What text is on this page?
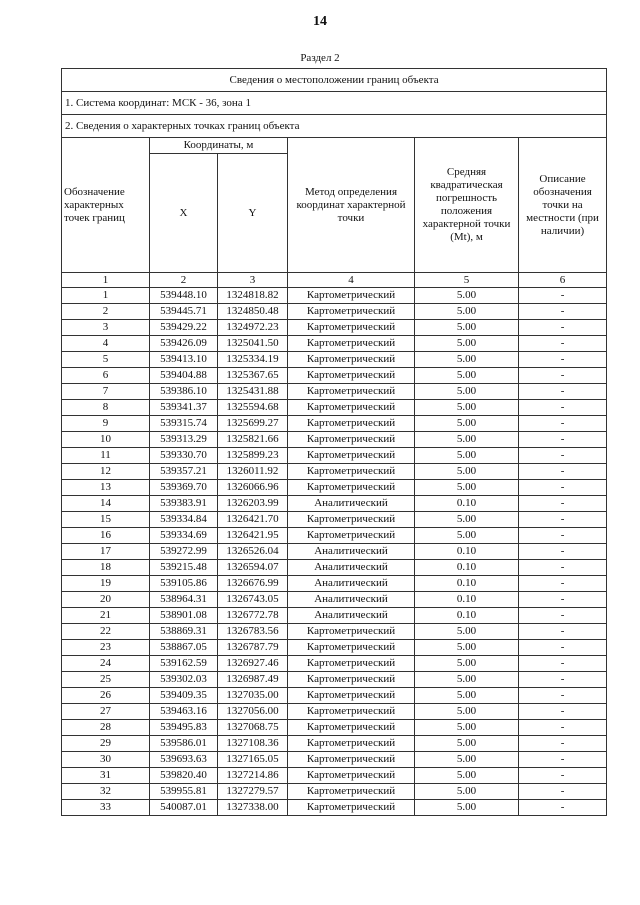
14
Раздел 2
Сведения о местоположении границ объекта					
1. Система координат: МСК - 36, зона 1					
2. Сведения о характерных точках границ объекта					
Обозначение характерных точек границ	Координаты, м		Метод определения координат характерной точки	Средняя квадратическая погрешность положения характерной точки (Mt), м	Описание обозначения точки на местности (при наличии)
	X	Y			
1	2	3	4	5	6
1	539448.10	1324818.82	Картометрический	5.00	-
2	539445.71	1324850.48	Картометрический	5.00	-
3	539429.22	1324972.23	Картометрический	5.00	-
4	539426.09	1325041.50	Картометрический	5.00	-
5	539413.10	1325334.19	Картометрический	5.00	-
6	539404.88	1325367.65	Картометрический	5.00	-
7	539386.10	1325431.88	Картометрический	5.00	-
8	539341.37	1325594.68	Картометрический	5.00	-
9	539315.74	1325699.27	Картометрический	5.00	-
10	539313.29	1325821.66	Картометрический	5.00	-
11	539330.70	1325899.23	Картометрический	5.00	-
12	539357.21	1326011.92	Картометрический	5.00	-
13	539369.70	1326066.96	Картометрический	5.00	-
14	539383.91	1326203.99	Аналитический	0.10	-
15	539334.84	1326421.70	Картометрический	5.00	-
16	539334.69	1326421.95	Картометрический	5.00	-
17	539272.99	1326526.04	Аналитический	0.10	-
18	539215.48	1326594.07	Аналитический	0.10	-
19	539105.86	1326676.99	Аналитический	0.10	-
20	538964.31	1326743.05	Аналитический	0.10	-
21	538901.08	1326772.78	Аналитический	0.10	-
22	538869.31	1326783.56	Картометрический	5.00	-
23	538867.05	1326787.79	Картометрический	5.00	-
24	539162.59	1326927.46	Картометрический	5.00	-
25	539302.03	1326987.49	Картометрический	5.00	-
26	539409.35	1327035.00	Картометрический	5.00	-
27	539463.16	1327056.00	Картометрический	5.00	-
28	539495.83	1327068.75	Картометрический	5.00	-
29	539586.01	1327108.36	Картометрический	5.00	-
30	539693.63	1327165.05	Картометрический	5.00	-
31	539820.40	1327214.86	Картометрический	5.00	-
32	539955.81	1327279.57	Картометрический	5.00	-
33	540087.01	1327338.00	Картометрический	5.00	-
